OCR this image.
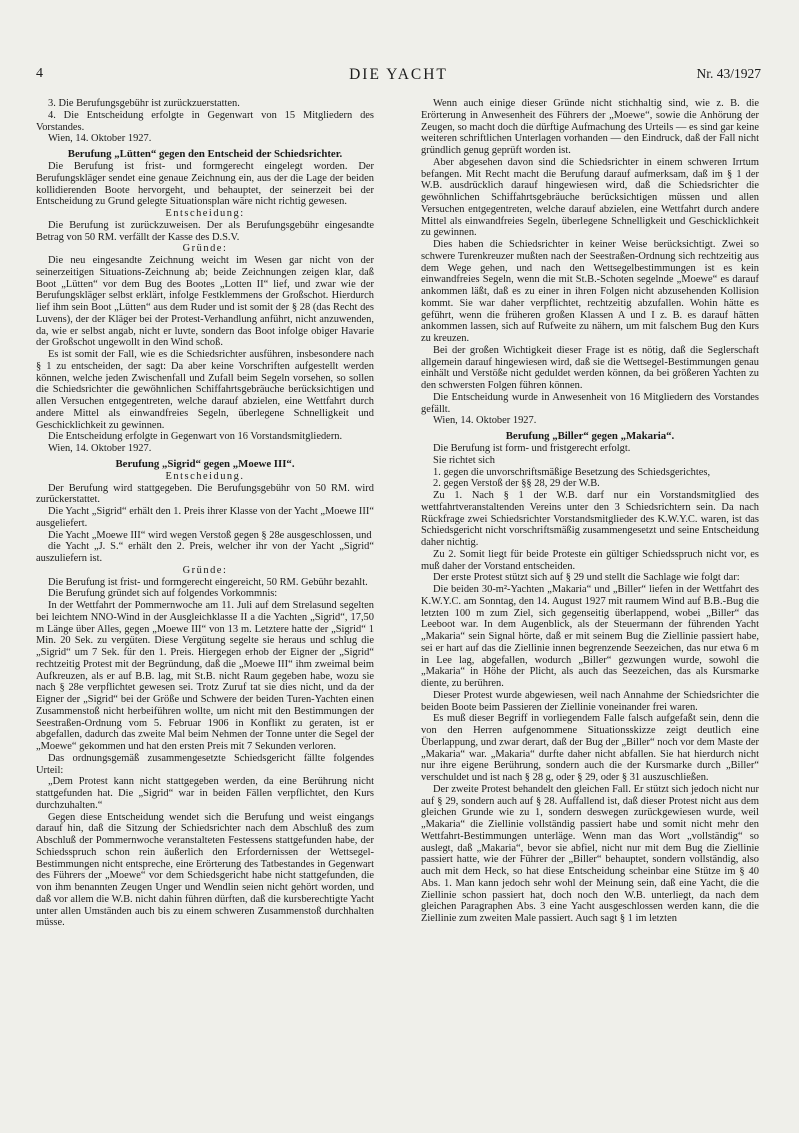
4	DIE YACHT	Nr. 43/1927

3. Die Berufungsgebühr ist zurückzuerstatten.

4. Die Entscheidung erfolgte in Gegenwart von 15 Mitgliedern des Vorstandes.

Wien, 14. Oktober 1927.

Berufung „Lütten“ gegen den Entscheid der Schiedsrichter.

Die Berufung ist frist- und formgerecht eingelegt worden. Der Berufungskläger sendet eine genaue Zeichnung ein, aus der die Lage der beiden kollidierenden Boote hervorgeht, und behauptet, der seinerzeit bei der Entscheidung zu Grund gelegte Situationsplan wäre nicht richtig gewesen.

Entscheidung:

Die Berufung ist zurückzuweisen. Der als Berufungsgebühr eingesandte Betrag von 50 RM. verfällt der Kasse des D.S.V.

Gründe:

Die neu eingesandte Zeichnung weicht im Wesen gar nicht von der seinerzeitigen Situations-Zeichnung ab; beide Zeichnungen zeigen klar, daß Boot „Lütten“ vor dem Bug des Bootes „Lotten II“ lief, und zwar wie der Berufungskläger selbst erklärt, infolge Festklemmens der Großschot. Hierdurch lief ihm sein Boot „Lütten“ aus dem Ruder und ist somit der § 28 (das Recht des Luvens), der der Kläger bei der Protest-Verhandlung anführt, nicht anzuwenden, da, wie er selbst angab, nicht er luvte, sondern das Boot infolge obiger Havarie der Großschot ungewollt in den Wind schoß.

Es ist somit der Fall, wie es die Schiedsrichter ausführen, insbesondere nach § 1 zu entscheiden, der sagt: Da aber keine Vorschriften aufgestellt werden können, welche jeden Zwischenfall und Zufall beim Segeln vorsehen, so sollen die Schiedsrichter die gewöhnlichen Schiffahrtsgebräuche berücksichtigen und allen Versuchen entgegentreten, welche darauf abzielen, eine Wettfahrt durch andere Mittel als einwandfreies Segeln, überlegene Schnelligkeit und Geschicklichkeit zu gewinnen.

Die Entscheidung erfolgte in Gegenwart von 16 Vorstandsmitgliedern.

Wien, 14. Oktober 1927.

Berufung „Sigrid“ gegen „Moewe III“.

Entscheidung.

Der Berufung wird stattgegeben. Die Berufungsgebühr von 50 RM. wird zurückerstattet.

Die Yacht „Sigrid“ erhält den 1. Preis ihrer Klasse von der Yacht „Moewe III“ ausgeliefert.

Die Yacht „Moewe III“ wird wegen Verstoß gegen § 28e ausgeschlossen, und

die Yacht „J. S.“ erhält den 2. Preis, welcher ihr von der Yacht „Sigrid“ auszuliefern ist.

Gründe:

Die Berufung ist frist- und formgerecht eingereicht, 50 RM. Gebühr bezahlt.

Die Berufung gründet sich auf folgendes Vorkommnis:

In der Wettfahrt der Pommernwoche am 11. Juli auf dem Strelasund segelten bei leichtem NNO-Wind in der Ausgleichklasse II a die Yachten „Sigrid“, 17,50 m Länge über Alles, gegen „Moewe III“ von 13 m. Letztere hatte der „Sigrid“ 1 Min. 20 Sek. zu vergüten. Diese Vergütung segelte sie heraus und schlug die „Sigrid“ um 7 Sek. für den 1. Preis. Hiergegen erhob der Eigner der „Sigrid“ rechtzeitig Protest mit der Begründung, daß die „Moewe III“ ihm zweimal beim Aufkreuzen, als er auf B.B. lag, mit St.B. nicht Raum gegeben habe, wozu sie nach § 28e verpflichtet gewesen sei. Trotz Zuruf tat sie dies nicht, und da der Eigner der „Sigrid“ bei der Größe und Schwere der beiden Turen-Yachten einen Zusammenstoß nicht herbeiführen wollte, um nicht mit den Bestimmungen der Seestraßen-Ordnung vom 5. Februar 1906 in Konflikt zu geraten, ist er abgefallen, dadurch das zweite Mal beim Nehmen der Tonne unter die Segel der „Moewe“ gekommen und hat den ersten Preis mit 7 Sekunden verloren.

Das ordnungsgemäß zusammengesetzte Schiedsgericht fällte folgendes Urteil:

„Dem Protest kann nicht stattgegeben werden, da eine Berührung nicht stattgefunden hat. Die „Sigrid“ war in beiden Fällen verpflichtet, den Kurs durchzuhalten.“

Gegen diese Entscheidung wendet sich die Berufung und weist eingangs darauf hin, daß die Sitzung der Schiedsrichter nach dem Abschluß des zum Abschluß der Pommernwoche veranstalteten Festessens stattgefunden habe, der Schiedsspruch schon rein äußerlich den Erfordernissen der Wettsegel-Bestimmungen nicht entspreche, eine Erörterung des Tatbestandes in Gegenwart des Führers der „Moewe“ vor dem Schiedsgericht habe nicht stattgefunden, die von ihm benannten Zeugen Unger und Wendlin seien nicht gehört worden, und daß vor allem die W.B. nicht dahin führen dürften, daß die kursberechtigte Yacht unter allen Umständen auch bis zu einem schweren Zusammenstoß durchhalten müsse.

Wenn auch einige dieser Gründe nicht stichhaltig sind, wie z. B. die Erörterung in Anwesenheit des Führers der „Moewe“, sowie die Anhörung der Zeugen, so macht doch die dürftige Aufmachung des Urteils — es sind gar keine weiteren schriftlichen Unterlagen vorhanden — den Eindruck, daß der Fall nicht gründlich genug geprüft worden ist.

Aber abgesehen davon sind die Schiedsrichter in einem schweren Irrtum befangen. Mit Recht macht die Berufung darauf aufmerksam, daß im § 1 der W.B. ausdrücklich darauf hingewiesen wird, daß die Schiedsrichter die gewöhnlichen Schiffahrtsgebräuche berücksichtigen müssen und allen Versuchen entgegentreten, welche darauf abzielen, eine Wettfahrt durch andere Mittel als einwandfreies Segeln, überlegene Schnelligkeit und Geschicklichkeit zu gewinnen.

Dies haben die Schiedsrichter in keiner Weise berücksichtigt. Zwei so schwere Turenkreuzer mußten nach der Seestraßen-Ordnung sich rechtzeitig aus dem Wege gehen, und nach den Wettsegelbestimmungen ist es kein einwandfreies Segeln, wenn die mit St.B.-Schoten segelnde „Moewe“ es darauf ankommen läßt, daß es zu einer in ihren Folgen nicht abzusehenden Kollision kommt. Sie war daher verpflichtet, rechtzeitig abzufallen. Wohin hätte es geführt, wenn die früheren großen Klassen A und I z. B. es darauf hätten ankommen lassen, sich auf Rufweite zu nähern, um mit falschem Bug den Kurs zu kreuzen.

Bei der großen Wichtigkeit dieser Frage ist es nötig, daß die Seglerschaft allgemein darauf hingewiesen wird, daß sie die Wettsegel-Bestimmungen genau einhält und Verstöße nicht geduldet werden können, da bei größeren Yachten zu den schwersten Folgen führen können.

Die Entscheidung wurde in Anwesenheit von 16 Mitgliedern des Vorstandes gefällt.

Wien, 14. Oktober 1927.

Berufung „Biller“ gegen „Makaria“.

Die Berufung ist form- und fristgerecht erfolgt.

Sie richtet sich

1. gegen die unvorschriftsmäßige Besetzung des Schiedsgerichtes,

2. gegen Verstoß der §§ 28, 29 der W.B.

Zu 1. Nach § 1 der W.B. darf nur ein Vorstandsmitglied des wettfahrtveranstaltenden Vereins unter den 3 Schiedsrichtern sein. Da nach Rückfrage zwei Schiedsrichter Vorstandsmitglieder des K.W.Y.C. waren, ist das Schiedsgericht nicht vorschriftsmäßig zusammengesetzt und seine Entscheidung daher nichtig.

Zu 2. Somit liegt für beide Proteste ein gültiger Schiedsspruch nicht vor, es muß daher der Vorstand entscheiden.

Der erste Protest stützt sich auf § 29 und stellt die Sachlage wie folgt dar:

Die beiden 30-m²-Yachten „Makaria“ und „Biller“ liefen in der Wettfahrt des K.W.Y.C. am Sonntag, den 14. August 1927 mit raumem Wind auf B.B.-Bug die letzten 100 m zum Ziel, sich gegenseitig überlappend, wobei „Biller“ das Leeboot war. In dem Augenblick, als der Steuermann der führenden Yacht „Makaria“ sein Signal hörte, daß er mit seinem Bug die Ziellinie passiert habe, sei er hart auf das die Ziellinie innen begrenzende Seezeichen, das nur etwa 6 m in Lee lag, abgefallen, wodurch „Biller“ gezwungen wurde, sowohl die „Makaria“ in Höhe der Plicht, als auch das Seezeichen, das als Kursmarke diente, zu berühren.

Dieser Protest wurde abgewiesen, weil nach Annahme der Schiedsrichter die beiden Boote beim Passieren der Ziellinie voneinander frei waren.

Es muß dieser Begriff in vorliegendem Falle falsch aufgefaßt sein, denn die von den Herren aufgenommene Situationsskizze zeigt deutlich eine Überlappung, und zwar derart, daß der Bug der „Biller“ noch vor dem Maste der „Makaria“ war. „Makaria“ durfte daher nicht abfallen. Sie hat hierdurch nicht nur ihre eigene Berührung, sondern auch die der Kursmarke durch „Biller“ verschuldet und ist nach § 28 g, oder § 29, oder § 31 auszuschließen.

Der zweite Protest behandelt den gleichen Fall. Er stützt sich jedoch nicht nur auf § 29, sondern auch auf § 28. Auffallend ist, daß dieser Protest nicht aus dem gleichen Grunde wie zu 1, sondern deswegen zurückgewiesen wurde, weil „Makaria“ die Ziellinie vollständig passiert habe und somit nicht mehr den Wettfahrt-Bestimmungen unterläge. Wenn man das Wort „vollständig“ so auslegt, daß „Makaria“, bevor sie abfiel, nicht nur mit dem Bug die Ziellinie passiert hatte, wie der Führer der „Biller“ behauptet, sondern vollständig, also auch mit dem Heck, so hat diese Entscheidung scheinbar eine Stütze im § 40 Abs. 1. Man kann jedoch sehr wohl der Meinung sein, daß eine Yacht, die die Ziellinie schon passiert hat, doch noch den W.B. unterliegt, da nach dem gleichen Paragraphen Abs. 3 eine Yacht ausgeschlossen werden kann, die die Ziellinie zum zweiten Male passiert. Auch sagt § 1 im letzten
